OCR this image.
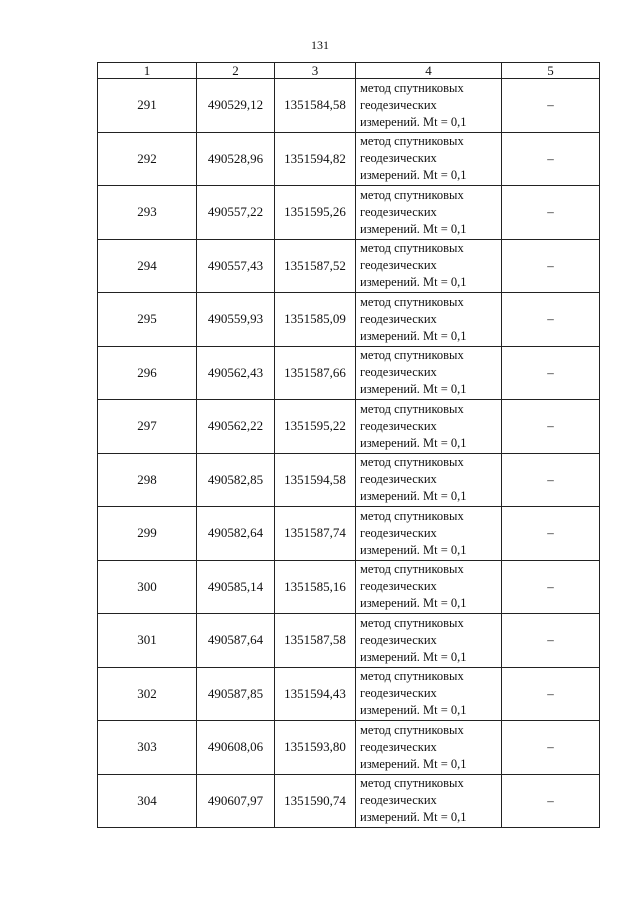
131
1	2	3	4	5
291	490529,12	1351584,58	метод спутниковых
геодезических
измерений. Mt = 0,1	–
292	490528,96	1351594,82	метод спутниковых
геодезических
измерений. Mt = 0,1	–
293	490557,22	1351595,26	метод спутниковых
геодезических
измерений. Mt = 0,1	–
294	490557,43	1351587,52	метод спутниковых
геодезических
измерений. Mt = 0,1	–
295	490559,93	1351585,09	метод спутниковых
геодезических
измерений. Mt = 0,1	–
296	490562,43	1351587,66	метод спутниковых
геодезических
измерений. Mt = 0,1	–
297	490562,22	1351595,22	метод спутниковых
геодезических
измерений. Mt = 0,1	–
298	490582,85	1351594,58	метод спутниковых
геодезических
измерений. Mt = 0,1	–
299	490582,64	1351587,74	метод спутниковых
геодезических
измерений. Mt = 0,1	–
300	490585,14	1351585,16	метод спутниковых
геодезических
измерений. Mt = 0,1	–
301	490587,64	1351587,58	метод спутниковых
геодезических
измерений. Mt = 0,1	–
302	490587,85	1351594,43	метод спутниковых
геодезических
измерений. Mt = 0,1	–
303	490608,06	1351593,80	метод спутниковых
геодезических
измерений. Mt = 0,1	–
304	490607,97	1351590,74	метод спутниковых
геодезических
измерений. Mt = 0,1	–
